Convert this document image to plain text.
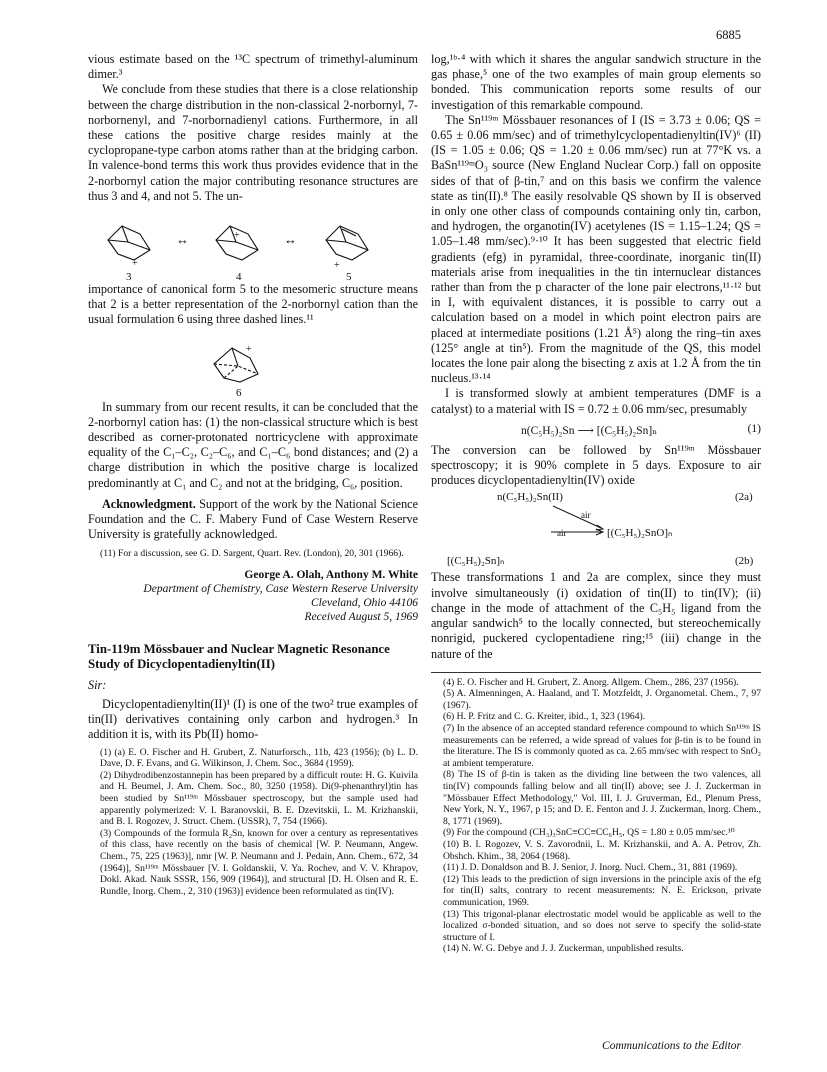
6885

vious estimate based on the ¹³C spectrum of trimethyl-aluminum dimer.³

We conclude from these studies that there is a close relationship between the charge distribution in the non-classical 2-norbornyl, 7-norbornenyl, and 7-norbornadienyl cations. Furthermore, in all these cations the positive charge resides mainly at the cyclopropane-type carbon atoms rather than at the bridging carbon. In valence-bond terms this work thus provides evidence that in the 2-norbornyl cation the major contributing resonance structures are thus 3 and 4, and not 5. The un-

+
+
+
↔	↔
3	4	5

importance of canonical form 5 to the mesomeric structure means that 2 is a better representation of the 2-norbornyl cation than the usual formulation 6 using three dashed lines.¹¹

+
6

In summary from our recent results, it can be concluded that the 2-norbornyl cation has: (1) the non-classical structure which is best described as corner-protonated nortricyclene with approximate equality of the C₁–C₂, C₂–C₆, and C₁–C₆ bond distances; and (2) a charge distribution in which the positive charge is localized predominantly at C₁ and C₂ and not at the bridging, C₆, position.

Acknowledgment. Support of the work by the National Science Foundation and the C. F. Mabery Fund of Case Western Reserve University is gratefully acknowledged.

(11) For a discussion, see G. D. Sargent, Quart. Rev. (London), 20, 301 (1966).

George A. Olah, Anthony M. White
Department of Chemistry, Case Western Reserve University
Cleveland, Ohio 44106
Received August 5, 1969
Tin-119m Mössbauer and Nuclear Magnetic Resonance Study of Dicyclopentadienyltin(II)
Sir:

Dicyclopentadienyltin(II)¹ (I) is one of the two² true examples of tin(II) derivatives containing only carbon and hydrogen.³ In addition it is, with its Pb(II) homo-

(1) (a) E. O. Fischer and H. Grubert, Z. Naturforsch., 11b, 423 (1956); (b) L. D. Dave, D. F. Evans, and G. Wilkinson, J. Chem. Soc., 3684 (1959).

(2) Dihydrodibenzostannepin has been prepared by a difficult route: H. G. Kuivila and H. Beumel, J. Am. Chem. Soc., 80, 3250 (1958). Di(9-phenanthryl)tin has been studied by Sn¹¹⁹ᵐ Mössbauer spectroscopy, but the sample used had apparently polymerized: V. I. Baranovskii, B. E. Dzevitskii, L. M. Krizhanskii, and B. I. Rogozev, J. Struct. Chem. (USSR), 7, 754 (1966).

(3) Compounds of the formula R₂Sn, known for over a century as representatives of this class, have recently on the basis of chemical [W. P. Neumann, Angew. Chem., 75, 225 (1963)], nmr [W. P. Neumann and J. Pedain, Ann. Chem., 672, 34 (1964)], Sn¹¹⁹ᵐ Mössbauer [V. I. Goldanskii, V. Ya. Rochev, and V. V. Khrapov, Dokl. Akad. Nauk SSSR, 156, 909 (1964)], and structural [D. H. Olsen and R. E. Rundle, Inorg. Chem., 2, 310 (1963)] evidence been reformulated as tin(IV).

log,¹ᵇ·⁴ with which it shares the angular sandwich structure in the gas phase,⁵ one of the two examples of main group elements so bonded. This communication reports some results of our investigation of this remarkable compound.

The Sn¹¹⁹ᵐ Mössbauer resonances of I (IS = 3.73 ± 0.06; QS = 0.65 ± 0.06 mm/sec) and of trimethylcyclopentadienyltin(IV)⁶ (II) (IS = 1.05 ± 0.06; QS = 1.20 ± 0.06 mm/sec) run at 77°K vs. a BaSn¹¹⁹ᵐO₃ source (New England Nuclear Corp.) fall on opposite sides of that of β-tin,⁷ and on this basis we confirm the valence state as tin(II).⁸ The easily resolvable QS shown by II is observed in only one other class of compounds containing only tin, carbon, and hydrogen, the organotin(IV) acetylenes (IS = 1.15–1.24; QS = 1.05–1.48 mm/sec).⁹·¹⁰ It has been suggested that electric field gradients (efg) in pyramidal, three-coordinate, inorganic tin(II) materials arise from inequalities in the tin internuclear distances rather than from the p character of the lone pair electrons,¹¹·¹² but in I, with equivalent distances, it is possible to carry out a calculation based on a model in which point electron pairs are placed at intermediate positions (1.21 Å⁵) along the ring–tin axes (125° angle at tin⁵). From the magnitude of the QS, this model locates the lone pair along the bisecting z axis at 1.2 Å from the tin nucleus.¹³·¹⁴

I is transformed slowly at ambient temperatures (DMF is a catalyst) to a material with IS = 0.72 ± 0.06 mm/sec, presumably

n(C₅H₅)₂Sn ⟶ [(C₅H₅)₂Sn]ₙ	(1)

The conversion can be followed by Sn¹¹⁹ᵐ Mössbauer spectroscopy; it is 90% complete in 5 days. Exposure to air produces dicyclopentadienyltin(IV) oxide

n(C₅H₅)₂Sn(II)	(2a)
air
air	[(C₅H₅)₂SnO]ₙ
[(C₅H₅)₂Sn]ₙ	(2b)

These transformations 1 and 2a are complex, since they must involve simultaneously (i) oxidation of tin(II) to tin(IV); (ii) change in the mode of attachment of the C₅H₅ ligand from the angular sandwich⁵ to the locally connected, but stereochemically nonrigid, puckered cyclopentadiene ring;¹⁵ (iii) change in the nature of the

(4) E. O. Fischer and H. Grubert, Z. Anorg. Allgem. Chem., 286, 237 (1956).

(5) A. Almenningen, A. Haaland, and T. Motzfeldt, J. Organometal. Chem., 7, 97 (1967).

(6) H. P. Fritz and C. G. Kreiter, ibid., 1, 323 (1964).

(7) In the absence of an accepted standard reference compound to which Sn¹¹⁹ᵐ IS measurements can be referred, a wide spread of values for β-tin is to be found in the literature. The IS is commonly quoted as ca. 2.65 mm/sec with respect to SnO₂ at ambient temperature.

(8) The IS of β-tin is taken as the dividing line between the two valences, all tin(IV) compounds falling below and all tin(II) above; see J. J. Zuckerman in "Mössbauer Effect Methodology," Vol. III, I. J. Gruverman, Ed., Plenum Press, New York, N. Y., 1967, p 15; and D. E. Fenton and J. J. Zuckerman, Inorg. Chem., 8, 1771 (1969).

(9) For the compound (CH₃)₃SnC≡CC≡CC₆H₅, QS = 1.80 ± 0.05 mm/sec.¹⁰

(10) B. I. Rogozev, V. S. Zavorodnii, L. M. Krizhanskii, and A. A. Petrov, Zh. Obshch. Khim., 38, 2064 (1968).

(11) J. D. Donaldson and B. J. Senior, J. Inorg. Nucl. Chem., 31, 881 (1969).

(12) This leads to the prediction of sign inversions in the principle axis of the efg for tin(II) salts, contrary to recent measurements: N. E. Erickson, private communication, 1969.

(13) This trigonal-planar electrostatic model would be applicable as well to the localized σ-bonded situation, and so does not serve to specify the solid-state structure of I.

(14) N. W. G. Debye and J. J. Zuckerman, unpublished results.

Communications to the Editor
